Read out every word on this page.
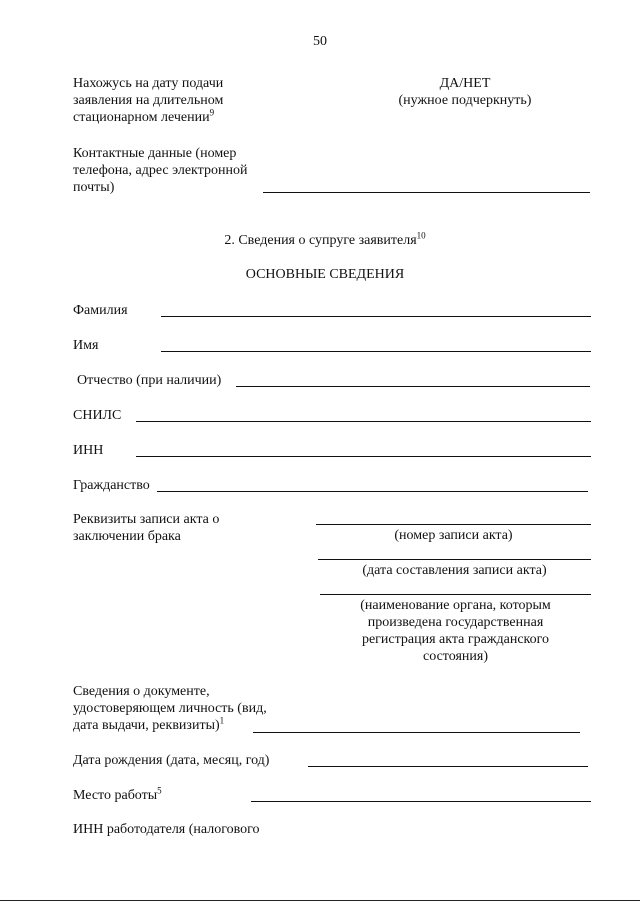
50
Нахожусь на дату подачи
заявления на длительном
стационарном лечении$^9$
ДА/НЕТ
(нужное подчеркнуть)
Контактные данные (номер
телефона, адрес электронной
почты)
2. Сведения о супруге заявителя$^{10}$
ОСНОВНЫЕ СВЕДЕНИЯ
Фамилия
Имя
Отчество (при наличии)
СНИЛС
ИНН
Гражданство
Реквизиты записи акта о
заключении брака	(номер записи акта)
(дата составления записи акта)
(наименование органа, которым
произведена государственная
регистрация акта гражданского
состояния)
Сведения о документе,
удостоверяющем личность (вид,
дата выдачи, реквизиты)$^1$
Дата рождения (дата, месяц, год)
Место работы$^5$
ИНН работодателя (налогового
